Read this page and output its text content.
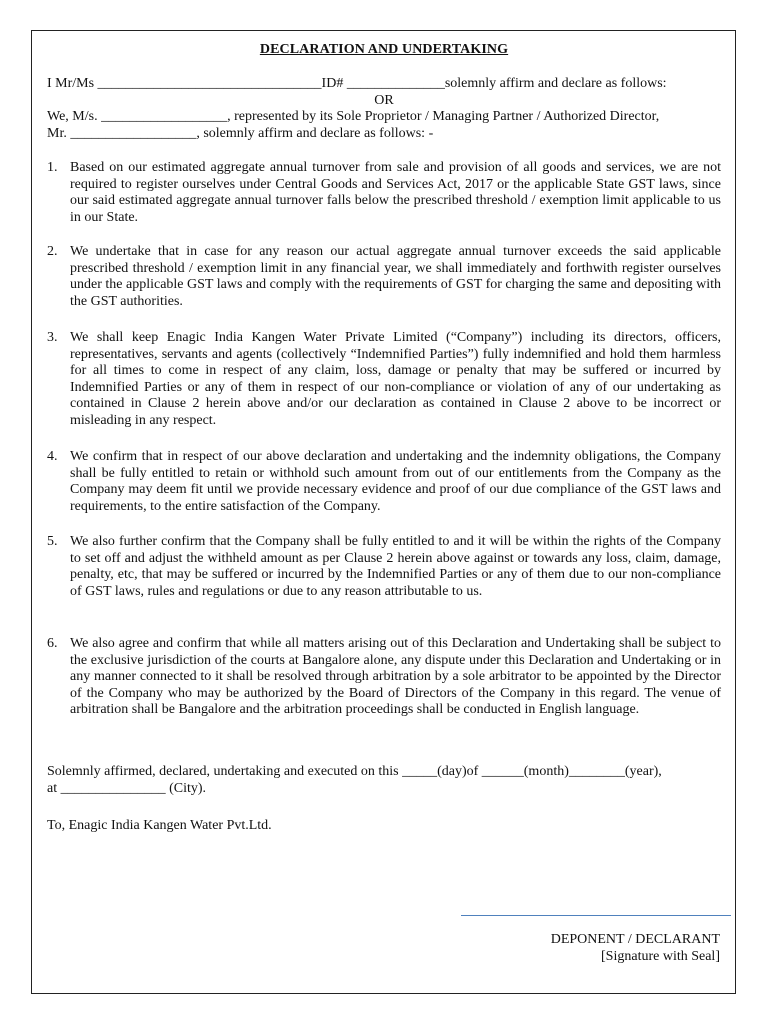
DECLARATION AND UNDERTAKING
I Mr/Ms ________________________________ID# ______________solemnly affirm and declare as follows:
OR
We, M/s. __________________, represented by its Sole Proprietor / Managing Partner / Authorized Director,
Mr. __________________, solemnly affirm and declare as follows: -
1. Based on our estimated aggregate annual turnover from sale and provision of all goods and services, we are not required to register ourselves under Central Goods and Services Act, 2017 or the applicable State GST laws, since our said estimated aggregate annual turnover falls below the prescribed threshold / exemption limit applicable to us in our State.
2. We undertake that in case for any reason our actual aggregate annual turnover exceeds the said applicable prescribed threshold / exemption limit in any financial year, we shall immediately and forthwith register ourselves under the applicable GST laws and comply with the requirements of GST for charging the same and depositing with the GST authorities.
3. We shall keep Enagic India Kangen Water Private Limited (“Company”) including its directors, officers, representatives, servants and agents (collectively “Indemnified Parties”) fully indemnified and hold them harmless for all times to come in respect of any claim, loss, damage or penalty that may be suffered or incurred by Indemnified Parties or any of them in respect of our non-compliance or violation of any of our undertaking as contained in Clause 2 herein above and/or our declaration as contained in Clause 2 above to be incorrect or misleading in any respect.
4. We confirm that in respect of our above declaration and undertaking and the indemnity obligations, the Company shall be fully entitled to retain or withhold such amount from out of our entitlements from the Company as the Company may deem fit until we provide necessary evidence and proof of our due compliance of the GST laws and requirements, to the entire satisfaction of the Company.
5. We also further confirm that the Company shall be fully entitled to and it will be within the rights of the Company to set off and adjust the withheld amount as per Clause 2 herein above against or towards any loss, claim, damage, penalty, etc, that may be suffered or incurred by the Indemnified Parties or any of them due to our non-compliance of GST laws, rules and regulations or due to any reason attributable to us.
6. We also agree and confirm that while all matters arising out of this Declaration and Undertaking shall be subject to the exclusive jurisdiction of the courts at Bangalore alone, any dispute under this Declaration and Undertaking or in any manner connected to it shall be resolved through arbitration by a sole arbitrator to be appointed by the Director of the Company who may be authorized by the Board of Directors of the Company in this regard. The venue of arbitration shall be Bangalore and the arbitration proceedings shall be conducted in English language.
Solemnly affirmed, declared, undertaking and executed on this _____(day)of ______(month)________(year),
at _______________ (City).
To, Enagic India Kangen Water Pvt.Ltd.
DEPONENT / DECLARANT
[Signature with Seal]
